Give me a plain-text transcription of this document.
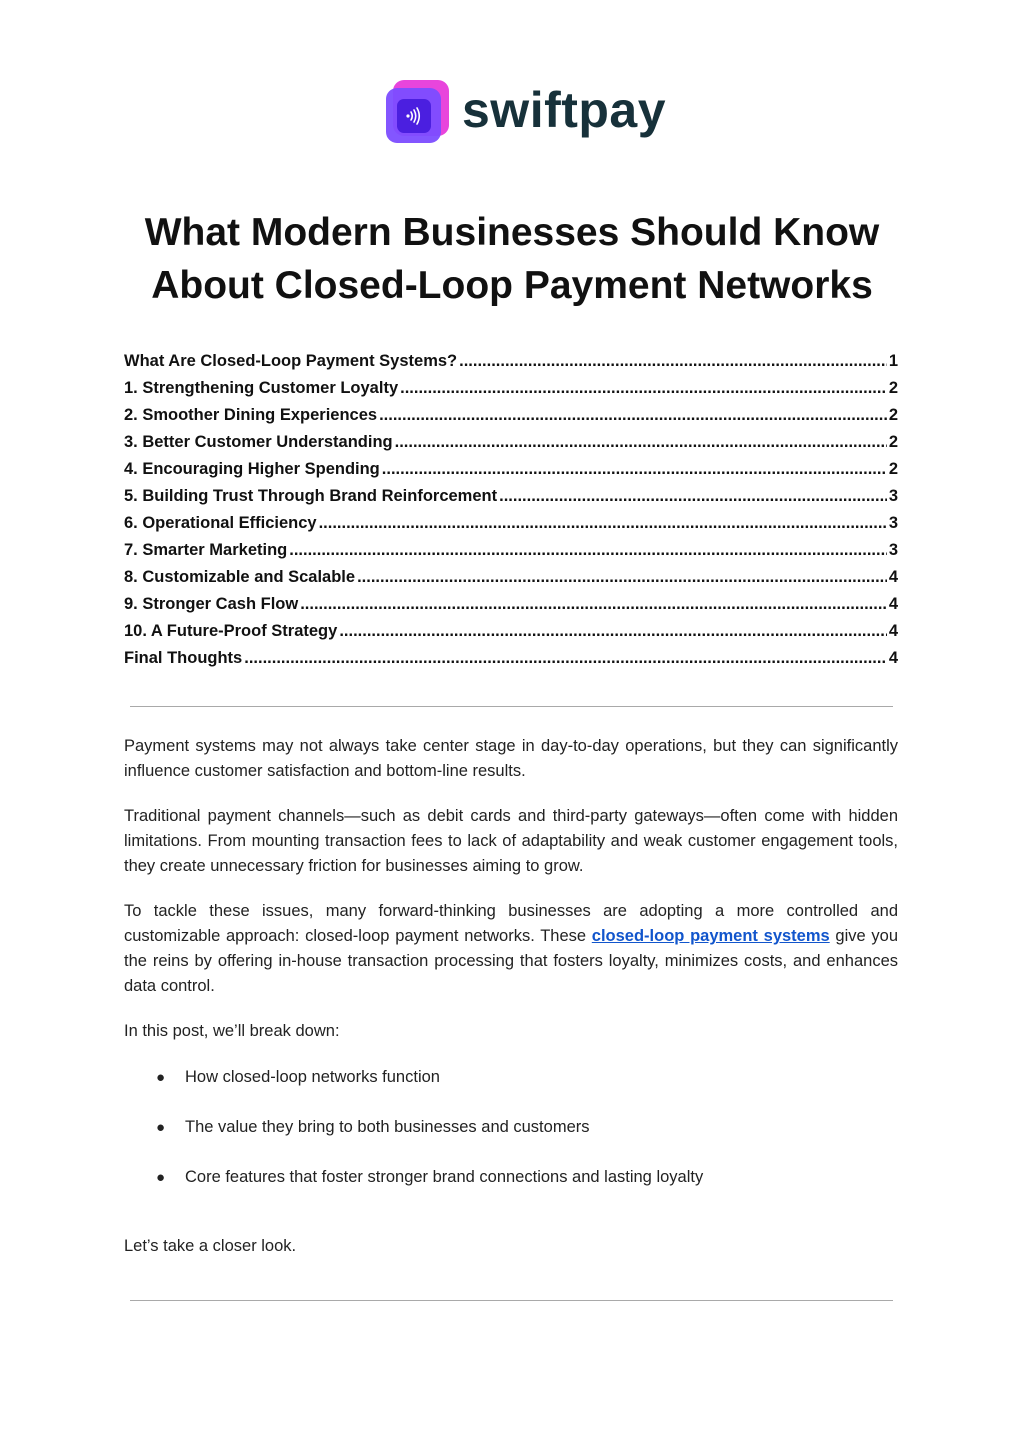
swiftpay
What Modern Businesses Should Know About Closed-Loop Payment Networks
What Are Closed-Loop Payment Systems? .....	1
1. Strengthening Customer Loyalty .....	2
2. Smoother Dining Experiences .....	2
3. Better Customer Understanding .....	2
4. Encouraging Higher Spending .....	2
5. Building Trust Through Brand Reinforcement .....	3
6. Operational Efficiency .....	3
7. Smarter Marketing .....	3
8. Customizable and Scalable .....	4
9. Stronger Cash Flow .....	4
10. A Future-Proof Strategy .....	4
Final Thoughts .....	4

Payment systems may not always take center stage in day-to-day operations, but they can significantly influence customer satisfaction and bottom-line results.

Traditional payment channels—such as debit cards and third-party gateways—often come with hidden limitations. From mounting transaction fees to lack of adaptability and weak customer engagement tools, they create unnecessary friction for businesses aiming to grow.

To tackle these issues, many forward-thinking businesses are adopting a more controlled and customizable approach: closed-loop payment networks. These closed-loop payment systems give you the reins by offering in-house transaction processing that fosters loyalty, minimizes costs, and enhances data control.

In this post, we’ll break down:

● How closed-loop networks function
● The value they bring to both businesses and customers
● Core features that foster stronger brand connections and lasting loyalty

Let’s take a closer look.
